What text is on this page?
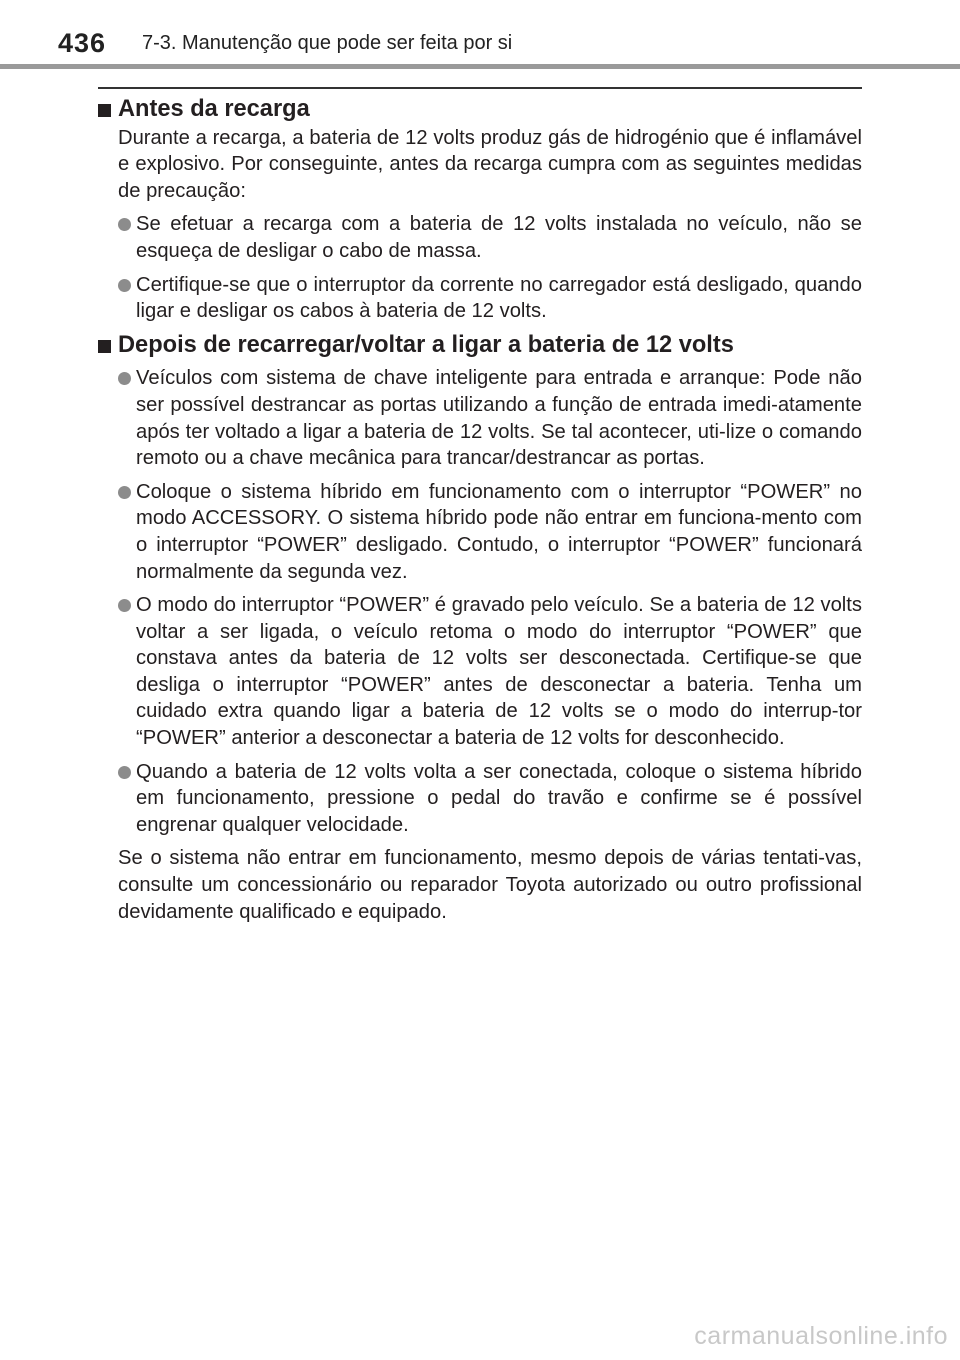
436 7-3. Manutenção que pode ser feita por si
Antes da recarga

Durante a recarga, a bateria de 12 volts produz gás de hidrogénio que é inflamável e explosivo. Por conseguinte, antes da recarga cumpra com as seguintes medidas de precaução:

Se efetuar a recarga com a bateria de 12 volts instalada no veículo, não se esqueça de desligar o cabo de massa.
Certifique-se que o interruptor da corrente no carregador está desligado, quando ligar e desligar os cabos à bateria de 12 volts.
Depois de recarregar/voltar a ligar a bateria de 12 volts
Veículos com sistema de chave inteligente para entrada e arranque: Pode não ser possível destrancar as portas utilizando a função de entrada imedi-atamente após ter voltado a ligar a bateria de 12 volts. Se tal acontecer, uti-lize o comando remoto ou a chave mecânica para trancar/destrancar as portas.
Coloque o sistema híbrido em funcionamento com o interruptor “POWER” no modo ACCESSORY. O sistema híbrido pode não entrar em funciona-mento com o interruptor “POWER” desligado. Contudo, o interruptor “POWER” funcionará normalmente da segunda vez.
O modo do interruptor “POWER” é gravado pelo veículo. Se a bateria de 12 volts voltar a ser ligada, o veículo retoma o modo do interruptor “POWER” que constava antes da bateria de 12 volts ser desconectada. Certifique-se que desliga o interruptor “POWER” antes de desconectar a bateria. Tenha um cuidado extra quando ligar a bateria de 12 volts se o modo do interrup-tor “POWER” anterior a desconectar a bateria de 12 volts for desconhecido.
Quando a bateria de 12 volts volta a ser conectada, coloque o sistema híbrido em funcionamento, pressione o pedal do travão e confirme se é possível engrenar qualquer velocidade.

Se o sistema não entrar em funcionamento, mesmo depois de várias tentati-vas, consulte um concessionário ou reparador Toyota autorizado ou outro profissional devidamente qualificado e equipado.

carmanualsonline.info
